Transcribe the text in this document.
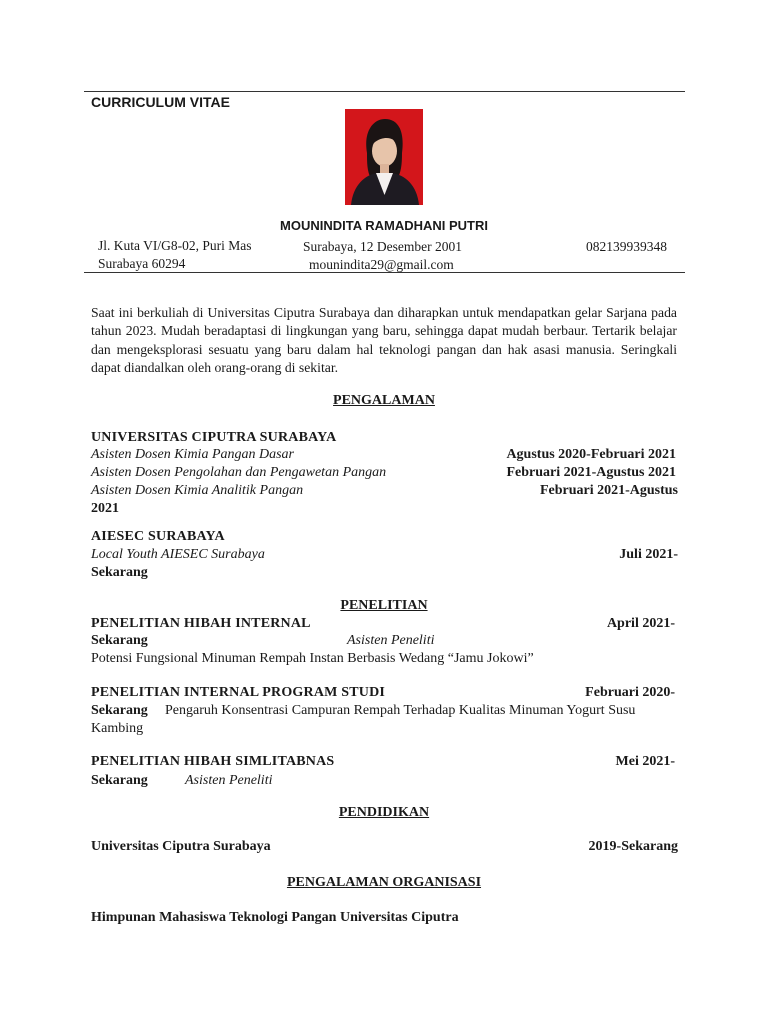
CURRICULUM VITAE
MOUNINDITA RAMADHANI PUTRI
Jl. Kuta VI/G8-02, Puri Mas
Surabaya 60294
Surabaya, 12 Desember 2001
mounindita29@gmail.com
082139939348
Saat ini berkuliah di Universitas Ciputra Surabaya dan diharapkan untuk mendapatkan gelar Sarjana pada tahun 2023. Mudah beradaptasi di lingkungan yang baru, sehingga dapat mudah berbaur. Tertarik belajar dan mengeksplorasi sesuatu yang baru dalam hal teknologi pangan dan hak asasi manusia. Seringkali dapat diandalkan oleh orang-orang di sekitar.
PENGALAMAN
UNIVERSITAS CIPUTRA SURABAYA
Asisten Dosen Kimia Pangan Dasar	Agustus 2020-Februari 2021
Asisten Dosen Pengolahan dan Pengawetan Pangan	Februari 2021-Agustus 2021
Asisten Dosen Kimia Analitik Pangan	Februari 2021-Agustus
2021
AIESEC SURABAYA
Local Youth AIESEC Surabaya	Juli 2021-
Sekarang
PENELITIAN
PENELITIAN HIBAH INTERNAL	April 2021-
Sekarang	Asisten Peneliti
Potensi Fungsional Minuman Rempah Instan Berbasis Wedang “Jamu Jokowi”
PENELITIAN INTERNAL PROGRAM STUDI	Februari 2020-
Sekarang Pengaruh Konsentrasi Campuran Rempah Terhadap Kualitas Minuman Yogurt Susu
Kambing
PENELITIAN HIBAH SIMLITABNAS	Mei 2021-
Sekarang	Asisten Peneliti
PENDIDIKAN
Universitas Ciputra Surabaya	2019-Sekarang
PENGALAMAN ORGANISASI
Himpunan Mahasiswa Teknologi Pangan Universitas Ciputra
